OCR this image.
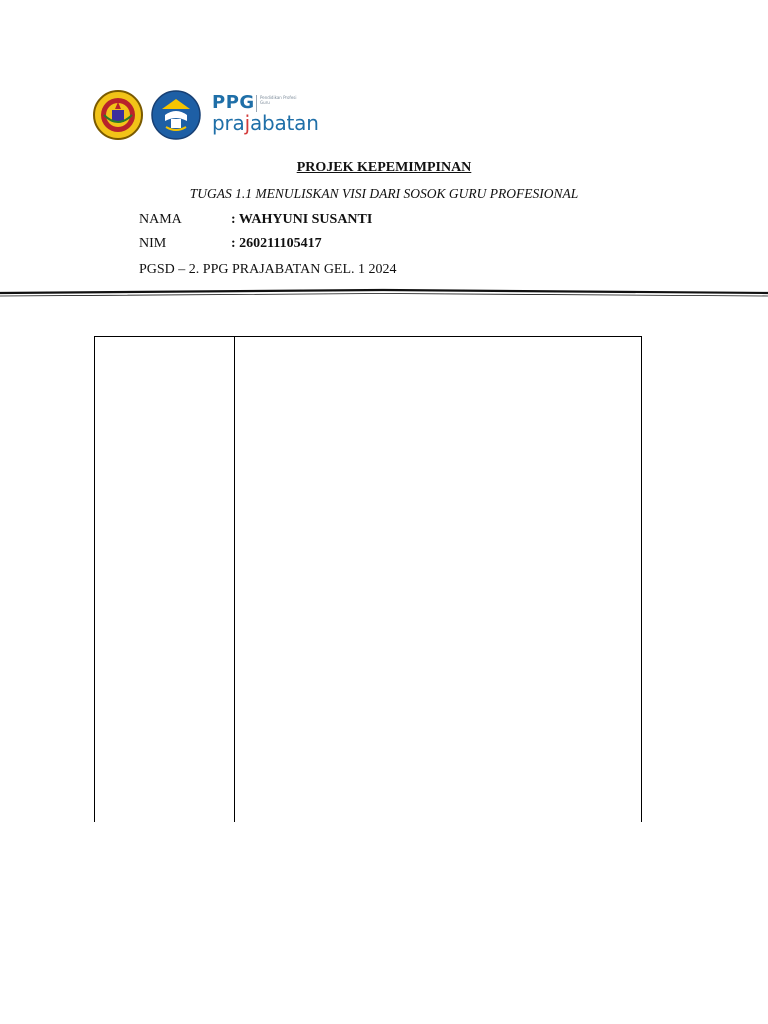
PPG Pendidikan Profesi Guru
prajabatan
PROJEK KEPEMIMPINAN
TUGAS 1.1 MENULISKAN VISI DARI SOSOK GURU PROFESIONAL
NAMA	: WAHYUNI SUSANTI
NIM	: 260211105417
PGSD – 2. PPG PRAJABATAN GEL. 1 2024
